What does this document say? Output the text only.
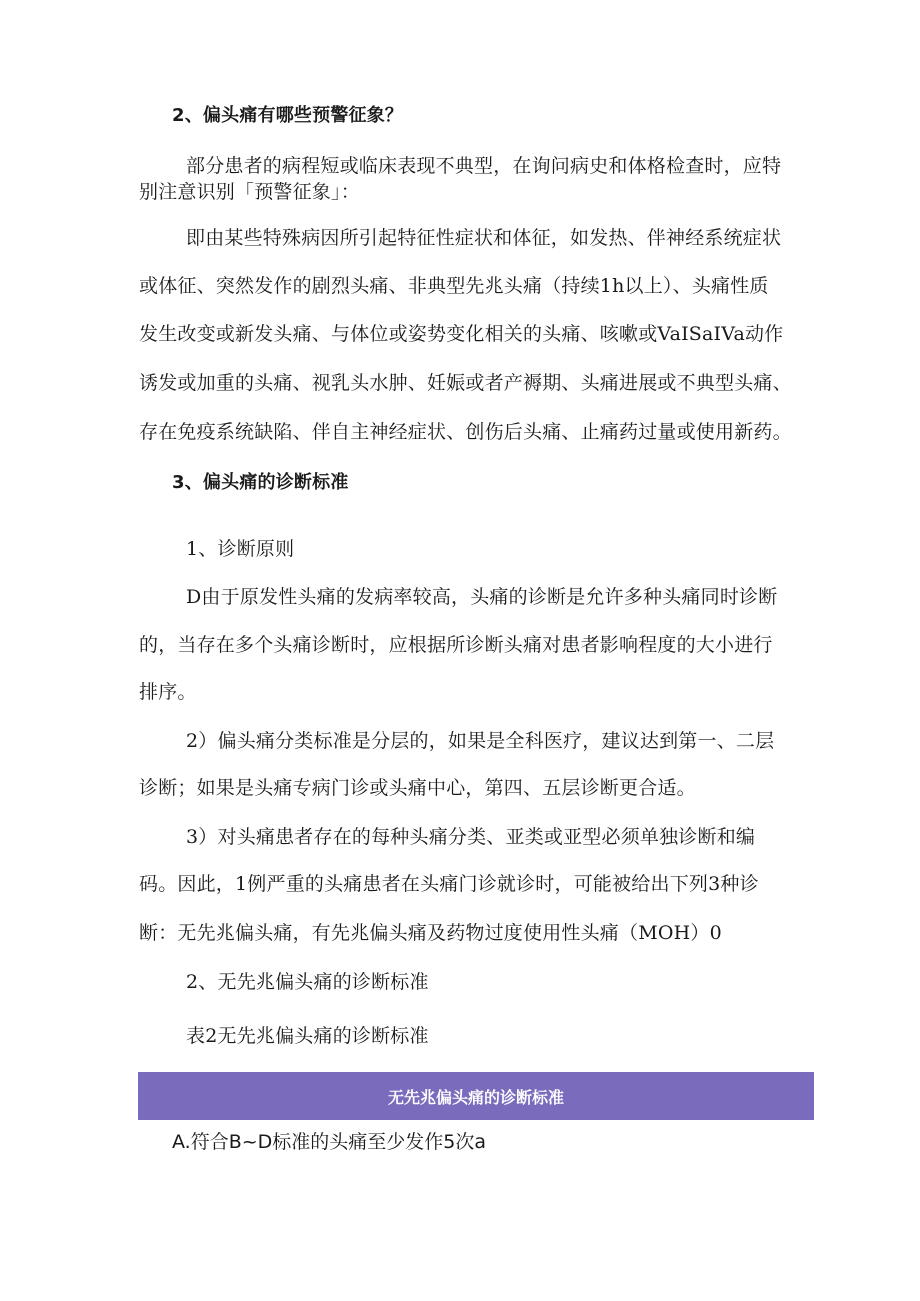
2、偏头痛有哪些预警征象？
部分患者的病程短或临床表现不典型，在询问病史和体格检查时，应特
别注意识别「预警征象」：
即由某些特殊病因所引起特征性症状和体征，如发热、伴神经系统症状
或体征、突然发作的剧烈头痛、非典型先兆头痛（持续1h以上）、头痛性质
发生改变或新发头痛、与体位或姿势变化相关的头痛、咳嗽或VaISaIVa动作
诱发或加重的头痛、视乳头水肿、妊娠或者产褥期、头痛进展或不典型头痛、
存在免疫系统缺陷、伴自主神经症状、创伤后头痛、止痛药过量或使用新药。
3、偏头痛的诊断标准
1、诊断原则
D由于原发性头痛的发病率较高，头痛的诊断是允许多种头痛同时诊断
的，当存在多个头痛诊断时，应根据所诊断头痛对患者影响程度的大小进行
排序。
2）偏头痛分类标准是分层的，如果是全科医疗，建议达到第一、二层
诊断；如果是头痛专病门诊或头痛中心，第四、五层诊断更合适。
3）对头痛患者存在的每种头痛分类、亚类或亚型必须单独诊断和编
码。因此，1例严重的头痛患者在头痛门诊就诊时，可能被给出下列3种诊
断：无先兆偏头痛，有先兆偏头痛及药物过度使用性头痛（MOH）0
2、无先兆偏头痛的诊断标准
表2无先兆偏头痛的诊断标准
无先兆偏头痛的诊断标准
A.符合B~D标准的头痛至少发作5次a
